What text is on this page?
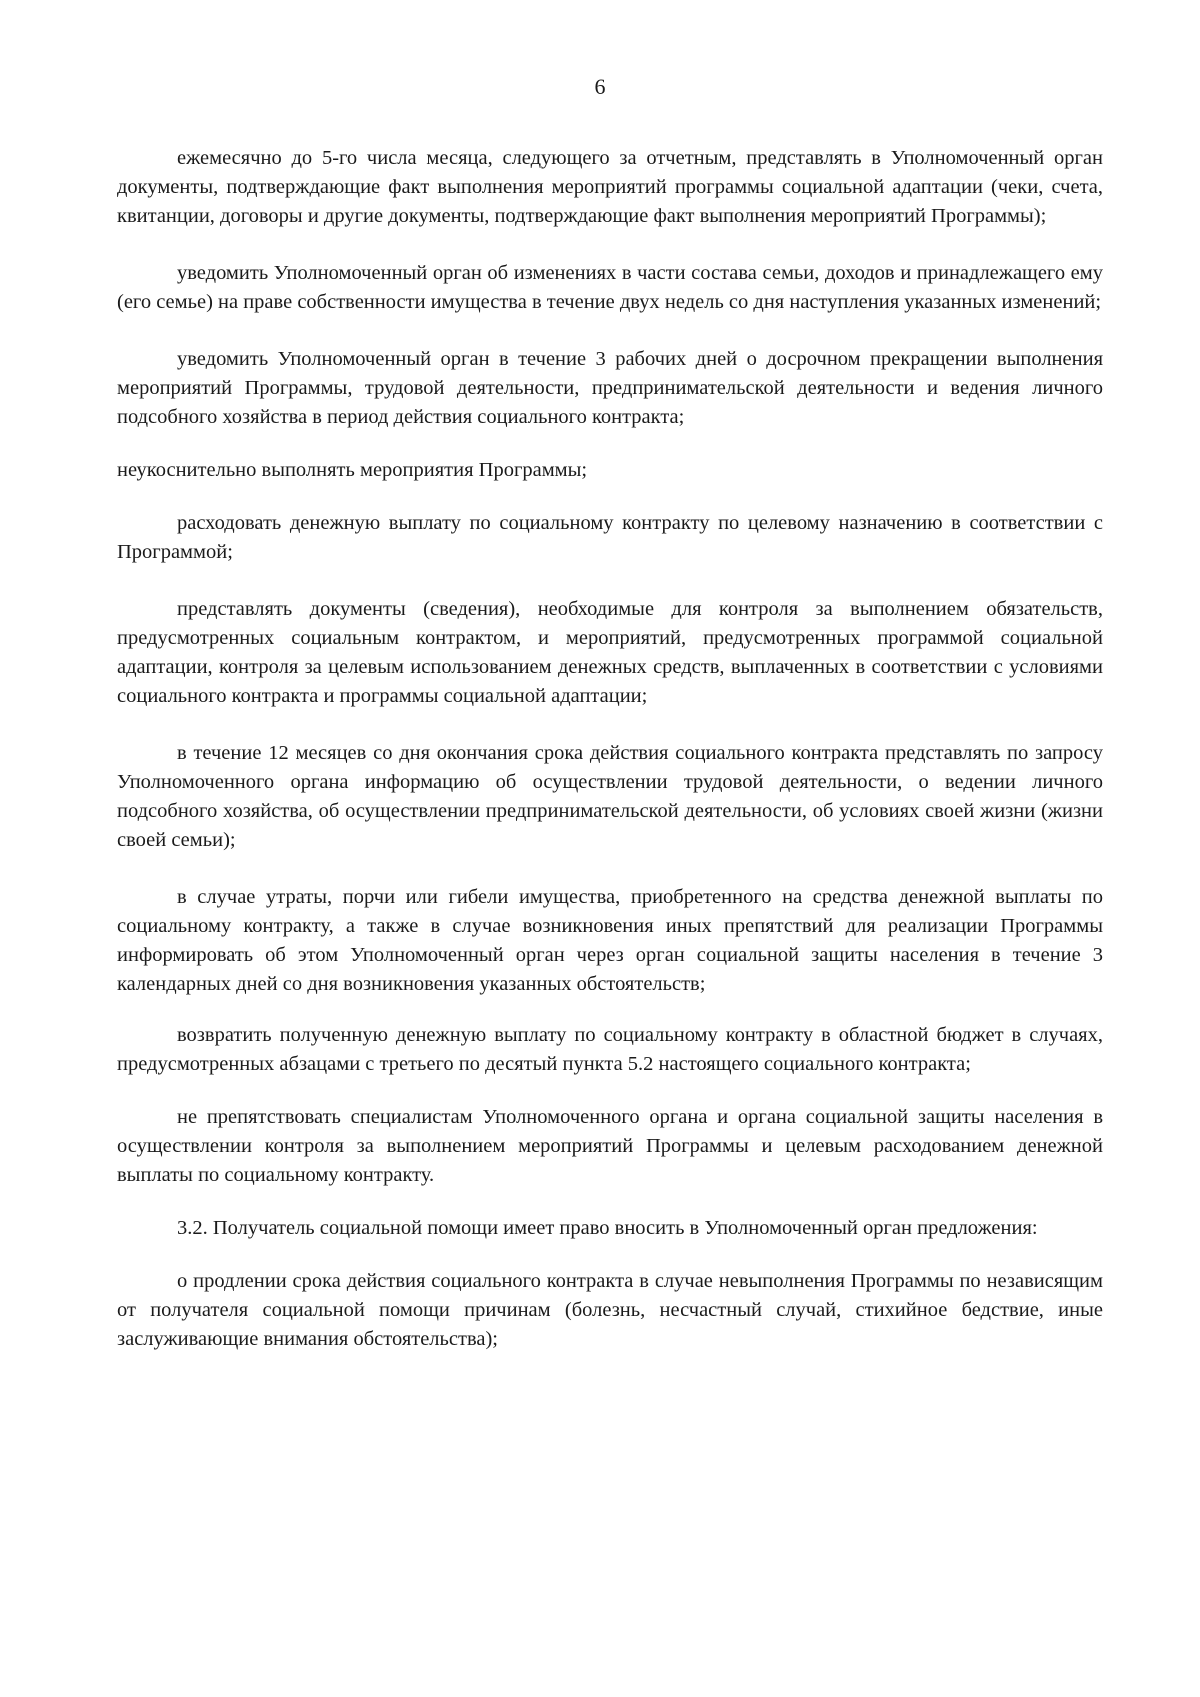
6

ежемесячно до 5-го числа месяца, следующего за отчетным, представлять в Уполномоченный орган документы, подтверждающие факт выполнения мероприятий программы социальной адаптации (чеки, счета, квитанции, договоры и другие документы, подтверждающие факт выполнения мероприятий Программы);

уведомить Уполномоченный орган об изменениях в части состава семьи, доходов и принадлежащего ему (его семье) на праве собственности имущества в течение двух недель со дня наступления указанных изменений;

уведомить Уполномоченный орган в течение 3 рабочих дней о досрочном прекращении выполнения мероприятий Программы, трудовой деятельности, предпринимательской деятельности и ведения личного подсобного хозяйства в период действия социального контракта;

неукоснительно выполнять мероприятия Программы;

расходовать денежную выплату по социальному контракту по целевому назначению в соответствии с Программой;

представлять документы (сведения), необходимые для контроля за выполнением обязательств, предусмотренных социальным контрактом, и мероприятий, предусмотренных программой социальной адаптации, контроля за целевым использованием денежных средств, выплаченных в соответствии с условиями социального контракта и программы социальной адаптации;

в течение 12 месяцев со дня окончания срока действия социального контракта представлять по запросу Уполномоченного органа информацию об осуществлении трудовой деятельности, о ведении личного подсобного хозяйства, об осуществлении предпринимательской деятельности, об условиях своей жизни (жизни своей семьи);

в случае утраты, порчи или гибели имущества, приобретенного на средства денежной выплаты по социальному контракту, а также в случае возникновения иных препятствий для реализации Программы информировать об этом Уполномоченный орган через орган социальной защиты населения в течение 3 календарных дней со дня возникновения указанных обстоятельств;

возвратить полученную денежную выплату по социальному контракту в областной бюджет в случаях, предусмотренных абзацами с третьего по десятый пункта 5.2 настоящего социального контракта;

не препятствовать специалистам Уполномоченного органа и органа социальной защиты населения в осуществлении контроля за выполнением мероприятий Программы и целевым расходованием денежной выплаты по социальному контракту.

3.2. Получатель социальной помощи имеет право вносить в Уполномоченный орган предложения:

о продлении срока действия социального контракта в случае невыполнения Программы по независящим от получателя социальной помощи причинам (болезнь, несчастный случай, стихийное бедствие, иные заслуживающие внимания обстоятельства);
